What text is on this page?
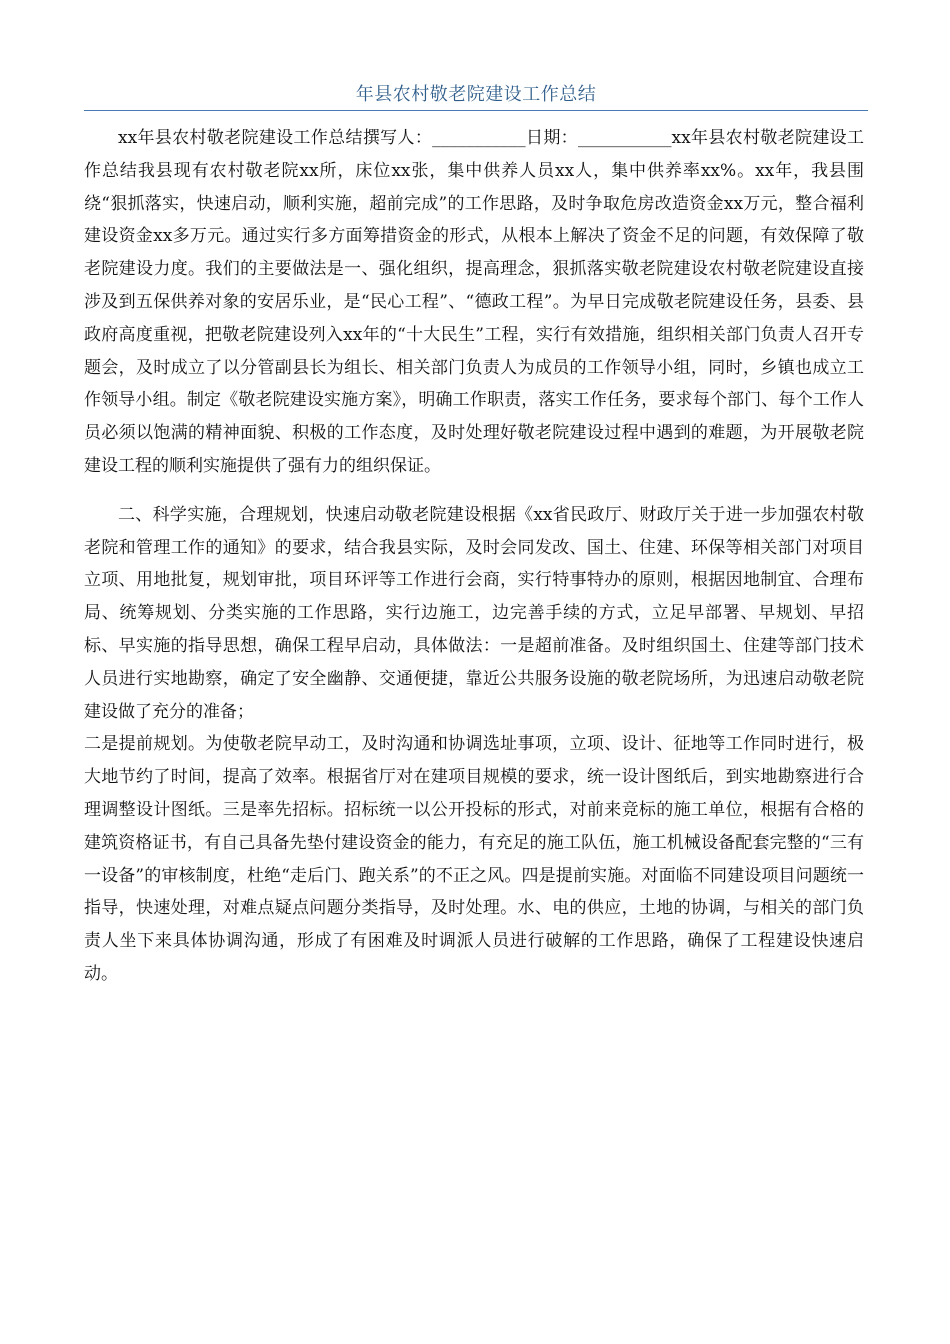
年县农村敬老院建设工作总结

xx年县农村敬老院建设工作总结撰写人：___________日期：___________xx年县农村敬老院建设工作总结我县现有农村敬老院xx所，床位xx张，集中供养人员xx人，集中供养率xx%。xx年，我县围绕“狠抓落实，快速启动，顺利实施，超前完成”的工作思路，及时争取危房改造资金xx万元，整合福利建设资金xx多万元。通过实行多方面筹措资金的形式，从根本上解决了资金不足的问题，有效保障了敬老院建设力度。我们的主要做法是一、强化组织，提高理念，狠抓落实敬老院建设农村敬老院建设直接涉及到五保供养对象的安居乐业，是“民心工程”、“德政工程”。为早日完成敬老院建设任务，县委、县政府高度重视，把敬老院建设列入xx年的“十大民生”工程，实行有效措施，组织相关部门负责人召开专题会，及时成立了以分管副县长为组长、相关部门负责人为成员的工作领导小组，同时，乡镇也成立工作领导小组。制定《敬老院建设实施方案》，明确工作职责，落实工作任务，要求每个部门、每个工作人员必须以饱满的精神面貌、积极的工作态度，及时处理好敬老院建设过程中遇到的难题，为开展敬老院建设工程的顺利实施提供了强有力的组织保证。

二、科学实施，合理规划，快速启动敬老院建设根据《xx省民政厅、财政厅关于进一步加强农村敬老院和管理工作的通知》的要求，结合我县实际，及时会同发改、国土、住建、环保等相关部门对项目立项、用地批复，规划审批，项目环评等工作进行会商，实行特事特办的原则，根据因地制宜、合理布局、统筹规划、分类实施的工作思路，实行边施工，边完善手续的方式，立足早部署、早规划、早招标、早实施的指导思想，确保工程早启动，具体做法：一是超前准备。及时组织国土、住建等部门技术人员进行实地勘察，确定了安全幽静、交通便捷，靠近公共服务设施的敬老院场所，为迅速启动敬老院建设做了充分的准备；

二是提前规划。为使敬老院早动工，及时沟通和协调选址事项，立项、设计、征地等工作同时进行，极大地节约了时间，提高了效率。根据省厅对在建项目规模的要求，统一设计图纸后，到实地勘察进行合理调整设计图纸。三是率先招标。招标统一以公开投标的形式，对前来竞标的施工单位，根据有合格的建筑资格证书，有自己具备先垫付建设资金的能力，有充足的施工队伍，施工机械设备配套完整的“三有一设备”的审核制度，杜绝“走后门、跑关系”的不正之风。四是提前实施。对面临不同建设项目问题统一指导，快速处理，对难点疑点问题分类指导，及时处理。水、电的供应，土地的协调，与相关的部门负责人坐下来具体协调沟通，形成了有困难及时调派人员进行破解的工作思路，确保了工程建设快速启动。
